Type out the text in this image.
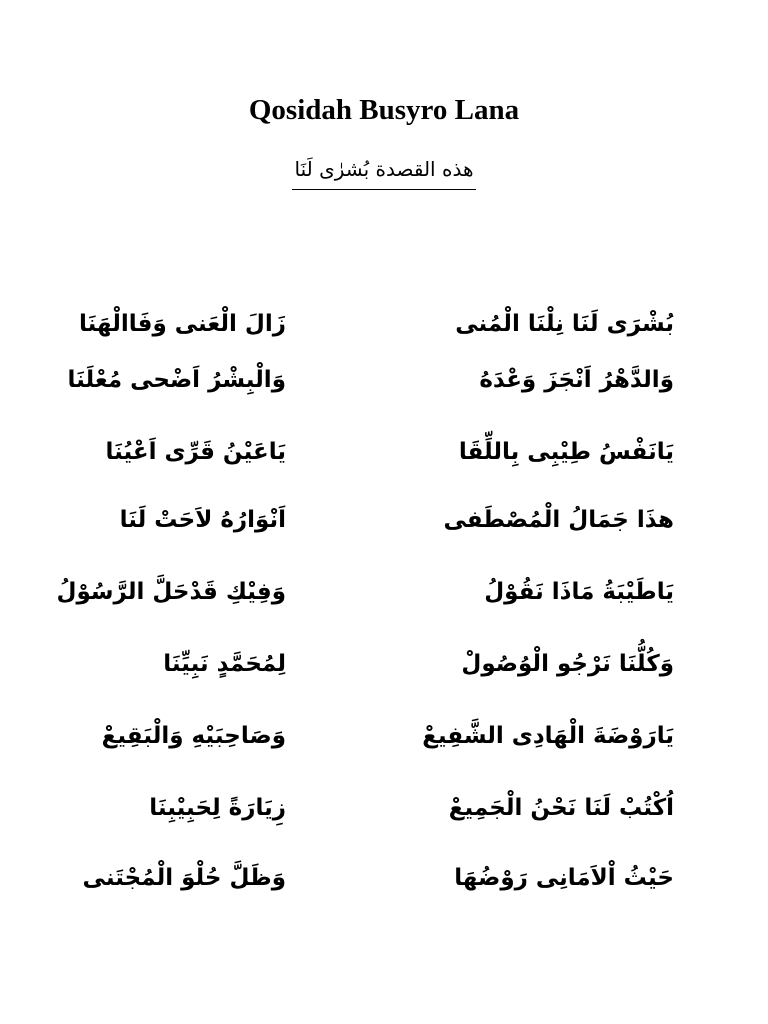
Qosidah Busyro Lana
هذه القصدة بُشرٰى لَنَا
بُشْرَى لَنَا نِلْنَا الْمُنى
زَالَ الْعَنى وَفَاالْهَنَا
وَالدَّهْرُ اَنْجَزَ وَعْدَهُ
وَالْبِشْرُ اَضْحى مُعْلَنَا
يَانَفْسُ طِيْبِى بِاللِّقَا
يَاعَيْنُ قَرِّى اَعْيُنَا
هذَا جَمَالُ الْمُصْطَفى
اَنْوَارُهُ لاَحَتْ لَنَا
يَاطَيْبَةُ مَاذَا نَقُوْلُ
وَفِيْكِ قَدْحَلَّ الرَّسُوْلُ
وَكُلُّنَا نَرْجُو الْوُصُولْ
لِمُحَمَّدٍ نَبِيِّنَا
يَارَوْضَةَ الْهَادِى الشَّفِيعْ
وَصَاحِبَيْهِ وَالْبَقِيعْ
اُكْتُبْ لَنَا نَحْنُ الْجَمِيعْ
زِيَارَةً لِحَبِيْبِنَا
حَيْثُ اْلاَمَانِى رَوْضُهَا
وَظَلَّ حُلْوَ الْمُجْتَنى
